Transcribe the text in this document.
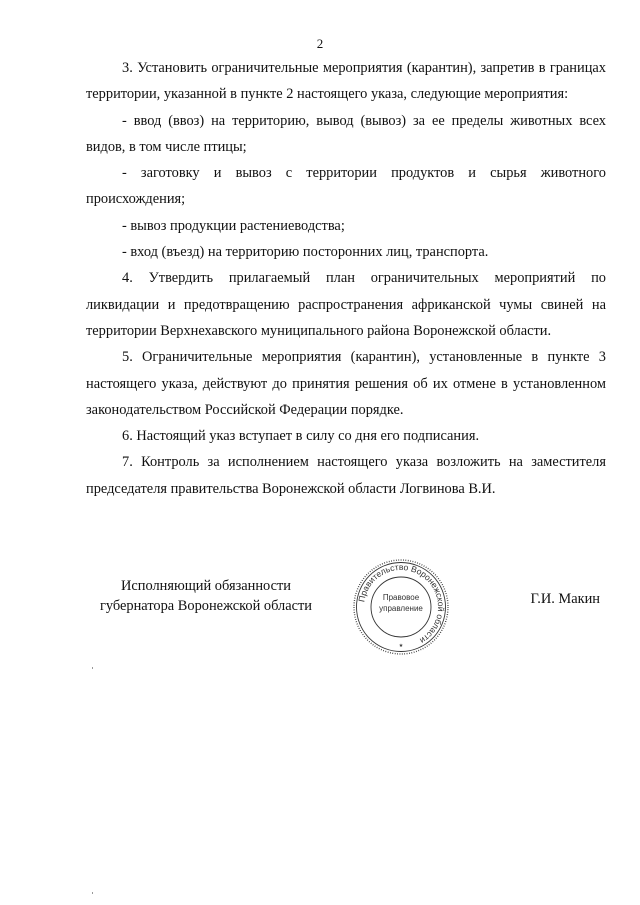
2

3. Установить ограничительные мероприятия (карантин), запретив в границах территории, указанной в пункте 2 настоящего указа, следующие мероприятия:

- ввод (ввоз) на территорию, вывод (вывоз) за ее пределы животных всех видов, в том числе птицы;

- заготовку и вывоз с территории продуктов и сырья животного происхождения;

- вывоз продукции растениеводства;

- вход (въезд) на территорию посторонних лиц, транспорта.

4. Утвердить прилагаемый план ограничительных мероприятий по ликвидации и предотвращению распространения африканской чумы свиней на территории Верхнехавского муниципального района Воронежской области.

5. Ограничительные мероприятия (карантин), установленные в пункте 3 настоящего указа, действуют до принятия решения об их отмене в установленном законодательством Российской Федерации порядке.

6. Настоящий указ вступает в силу со дня его подписания.

7. Контроль за исполнением настоящего указа возложить на заместителя председателя правительства Воронежской области Логвинова В.И.

Исполняющий обязанности
губернатора Воронежской области	Правительство Воронежской области
★
Правовое
управление
Г.И. Макин
